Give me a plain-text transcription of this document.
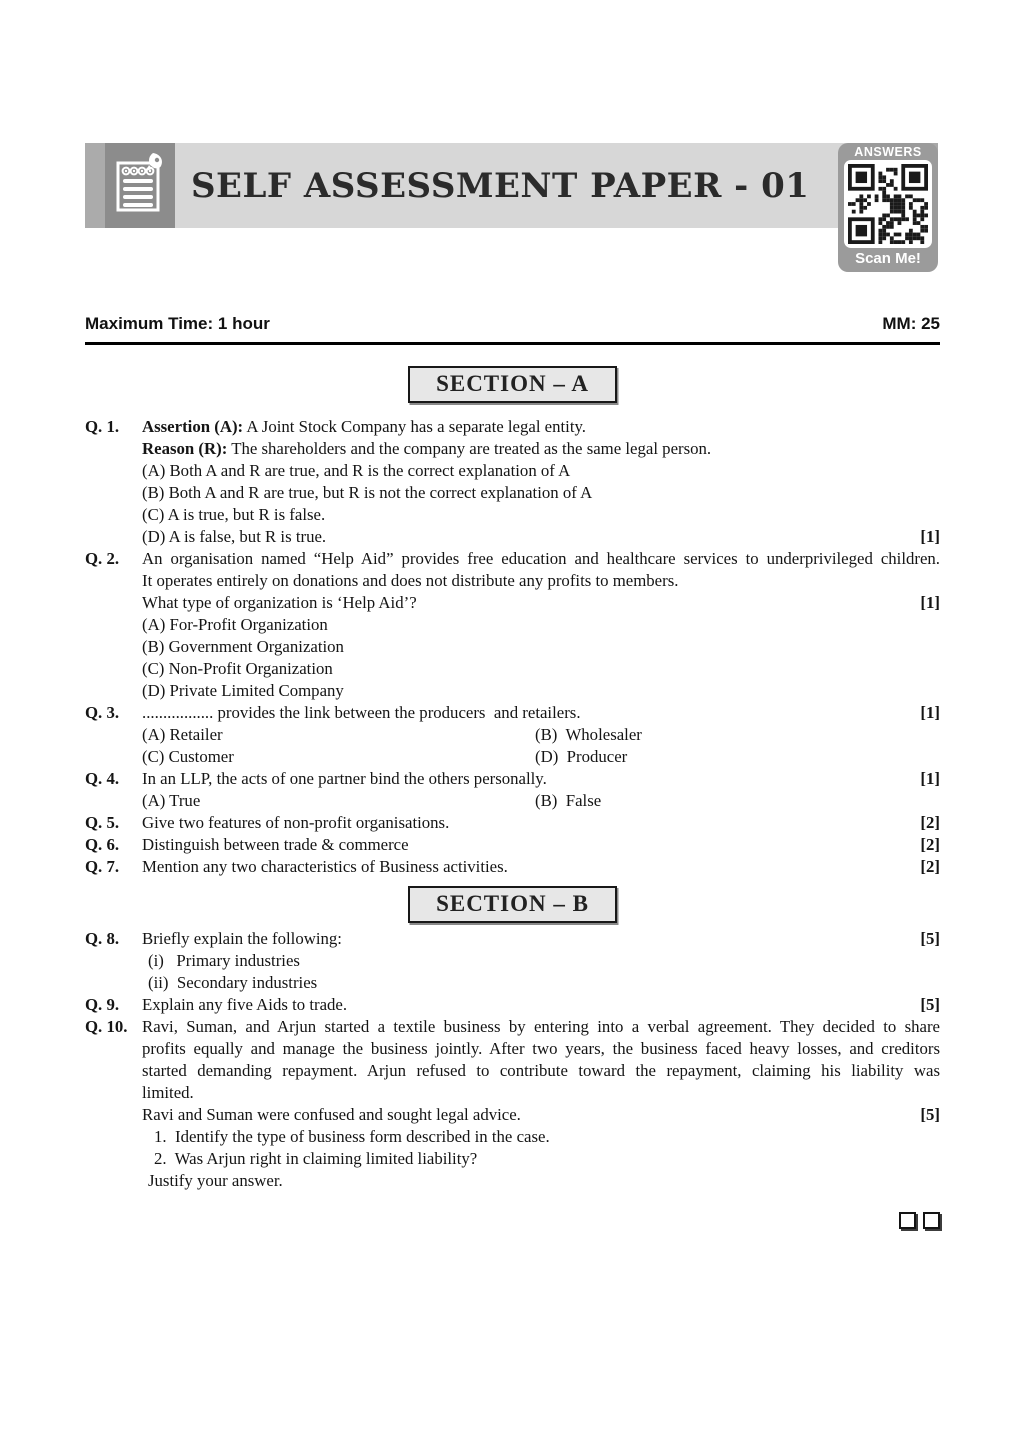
SELF ASSESSMENT PAPER - 01
ANSWERS
Scan Me!
Maximum Time: 1 hour	MM: 25
SECTION – A
Q. 1.	Assertion (A): A Joint Stock Company has a separate legal entity.
Reason (R): The shareholders and the company are treated as the same legal person.
(A) Both A and R are true, and R is the correct explanation of A
(B) Both A and R are true, but R is not the correct explanation of A
(C) A is true, but R is false.
(D) A is false, but R is true.	[1]
Q. 2.	An organisation named “Help Aid” provides free education and healthcare services to underprivileged children.
It operates entirely on donations and does not distribute any profits to members.
What type of organization is ‘Help Aid’?	[1]
(A) For-Profit Organization
(B) Government Organization
(C) Non-Profit Organization
(D) Private Limited Company
Q. 3.	................. provides the link between the producers  and retailers.	[1]
(A) Retailer	(B)  Wholesaler
(C) Customer	(D)  Producer
Q. 4.	In an LLP, the acts of one partner bind the others personally.	[1]
(A) True	(B)  False
Q. 5.	Give two features of non-profit organisations.	[2]
Q. 6.	Distinguish between trade & commerce	[2]
Q. 7.	Mention any two characteristics of Business activities.	[2]
SECTION – B
Q. 8.	Briefly explain the following:	[5]
(i)   Primary industries
(ii)  Secondary industries
Q. 9.	Explain any five Aids to trade.	[5]
Q. 10. Ravi, Suman, and Arjun started a textile business by entering into a verbal agreement. They decided to share
profits equally and manage the business jointly. After two years, the business faced heavy losses, and creditors
started demanding repayment. Arjun refused to contribute toward the repayment, claiming his liability was
limited.
Ravi and Suman were confused and sought legal advice.	[5]
1.  Identify the type of business form described in the case.
2.  Was Arjun right in claiming limited liability?
Justify your answer.
